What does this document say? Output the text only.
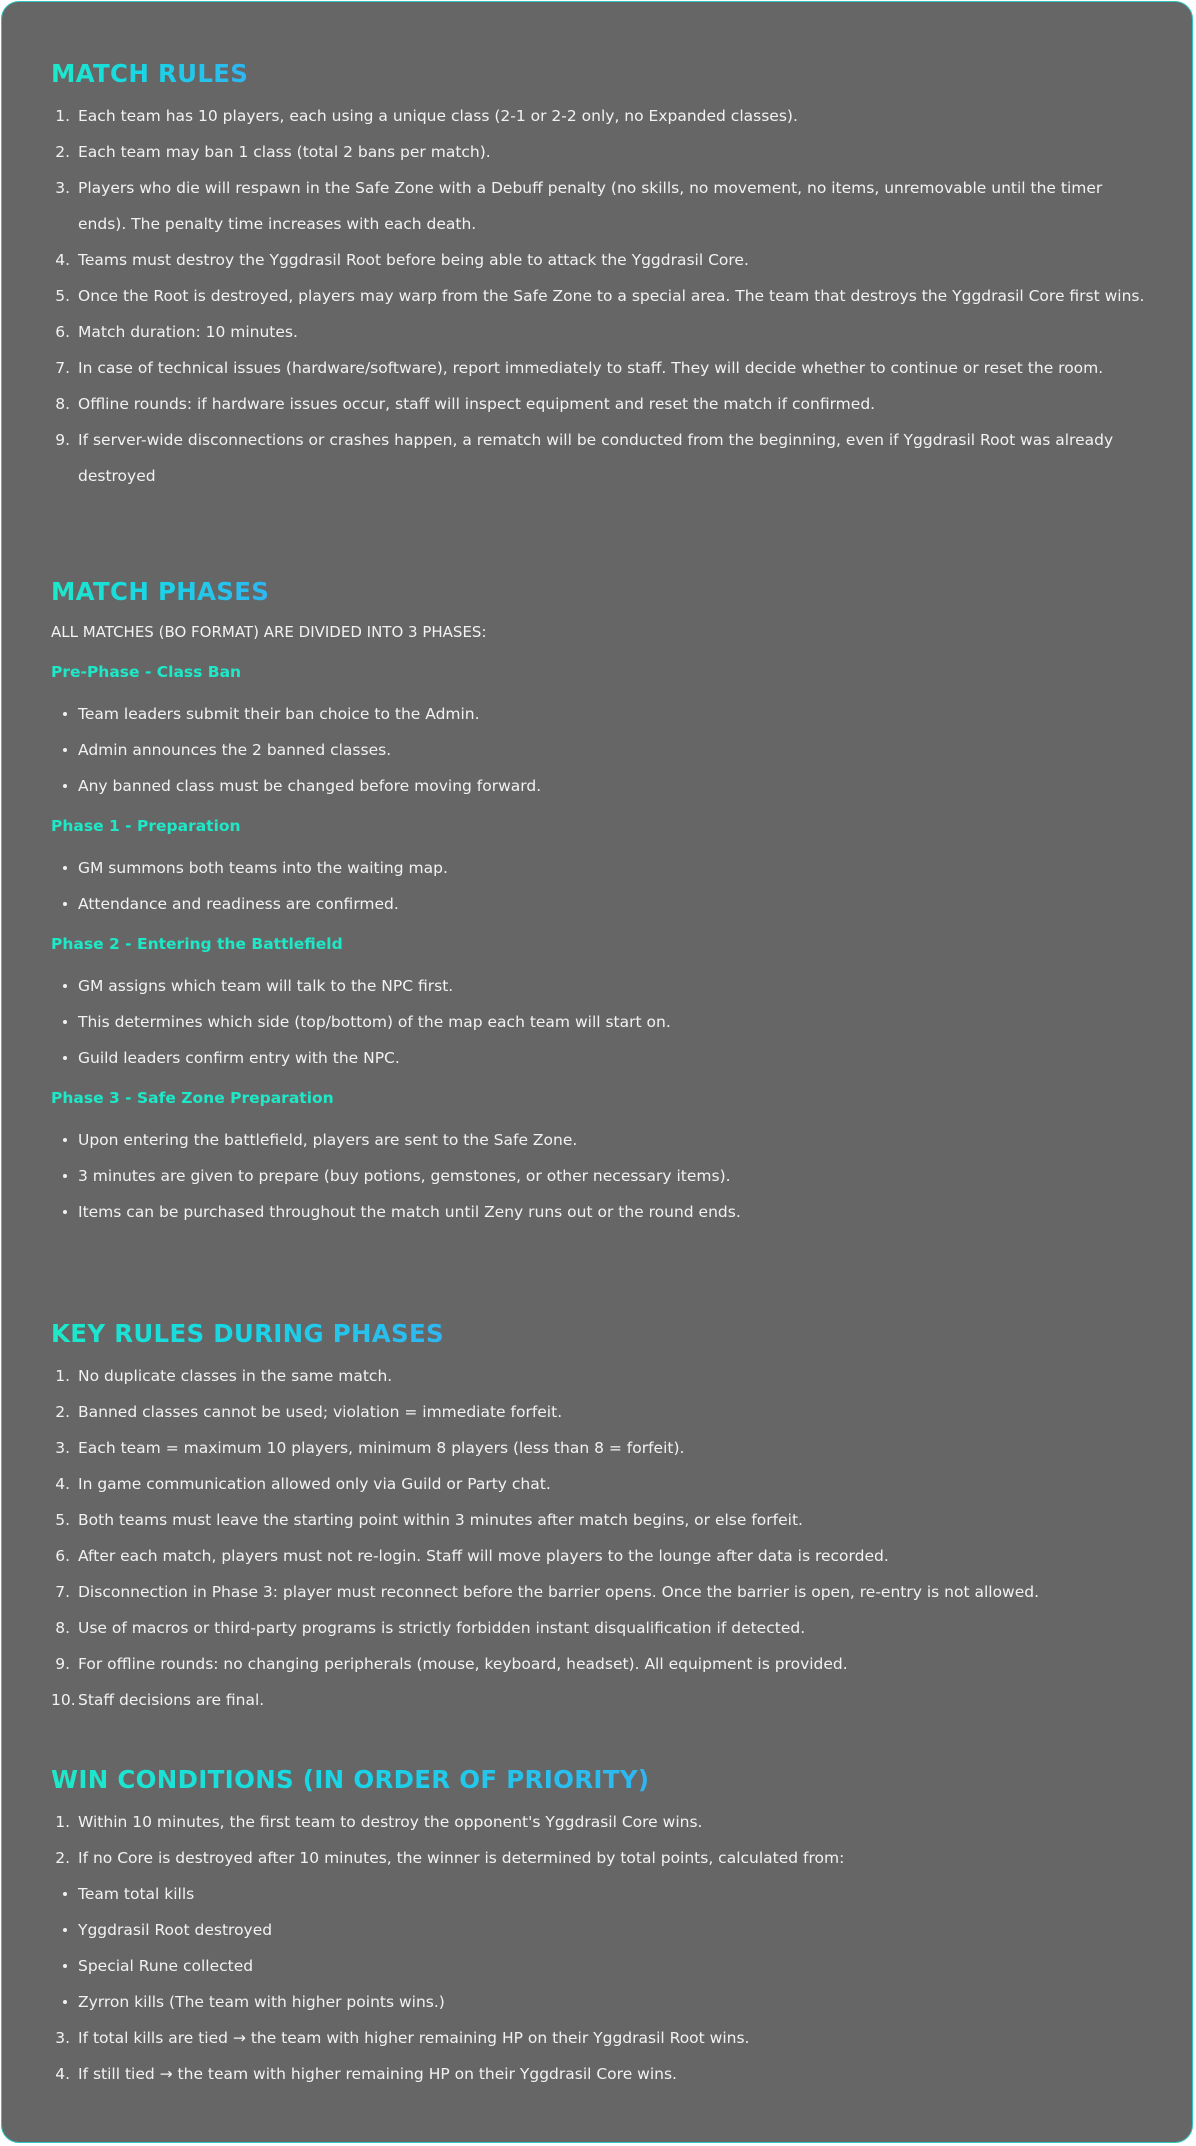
MATCH RULES
1. Each team has 10 players, each using a unique class (2-1 or 2-2 only, no Expanded classes).
2. Each team may ban 1 class (total 2 bans per match).
3. Players who die will respawn in the Safe Zone with a Debuff penalty (no skills, no movement, no items, unremovable until the timer ends). The penalty time increases with each death.
4. Teams must destroy the Yggdrasil Root before being able to attack the Yggdrasil Core.
5. Once the Root is destroyed, players may warp from the Safe Zone to a special area. The team that destroys the Yggdrasil Core first wins.
6. Match duration: 10 minutes.
7. In case of technical issues (hardware/software), report immediately to staff. They will decide whether to continue or reset the room.
8. Offline rounds: if hardware issues occur, staff will inspect equipment and reset the match if confirmed.
9. If server-wide disconnections or crashes happen, a rematch will be conducted from the beginning, even if Yggdrasil Root was already destroyed
MATCH PHASES
ALL MATCHES (BO FORMAT) ARE DIVIDED INTO 3 PHASES:
Pre-Phase - Class Ban
Team leaders submit their ban choice to the Admin.
Admin announces the 2 banned classes.
Any banned class must be changed before moving forward.
Phase 1 - Preparation
GM summons both teams into the waiting map.
Attendance and readiness are confirmed.
Phase 2 - Entering the Battlefield
GM assigns which team will talk to the NPC first.
This determines which side (top/bottom) of the map each team will start on.
Guild leaders confirm entry with the NPC.
Phase 3 - Safe Zone Preparation
Upon entering the battlefield, players are sent to the Safe Zone.
3 minutes are given to prepare (buy potions, gemstones, or other necessary items).
Items can be purchased throughout the match until Zeny runs out or the round ends.
KEY RULES DURING PHASES
1. No duplicate classes in the same match.
2. Banned classes cannot be used; violation = immediate forfeit.
3. Each team = maximum 10 players, minimum 8 players (less than 8 = forfeit).
4. In game communication allowed only via Guild or Party chat.
5. Both teams must leave the starting point within 3 minutes after match begins, or else forfeit.
6. After each match, players must not re-login. Staff will move players to the lounge after data is recorded.
7. Disconnection in Phase 3: player must reconnect before the barrier opens. Once the barrier is open, re-entry is not allowed.
8. Use of macros or third-party programs is strictly forbidden instant disqualification if detected.
9. For offline rounds: no changing peripherals (mouse, keyboard, headset). All equipment is provided.
10. Staff decisions are final.
WIN CONDITIONS (IN ORDER OF PRIORITY)
1. Within 10 minutes, the first team to destroy the opponent's Yggdrasil Core wins.
2. If no Core is destroyed after 10 minutes, the winner is determined by total points, calculated from:
Team total kills
Yggdrasil Root destroyed
Special Rune collected
Zyrron kills (The team with higher points wins.)
3. If total kills are tied → the team with higher remaining HP on their Yggdrasil Root wins.
4. If still tied → the team with higher remaining HP on their Yggdrasil Core wins.
